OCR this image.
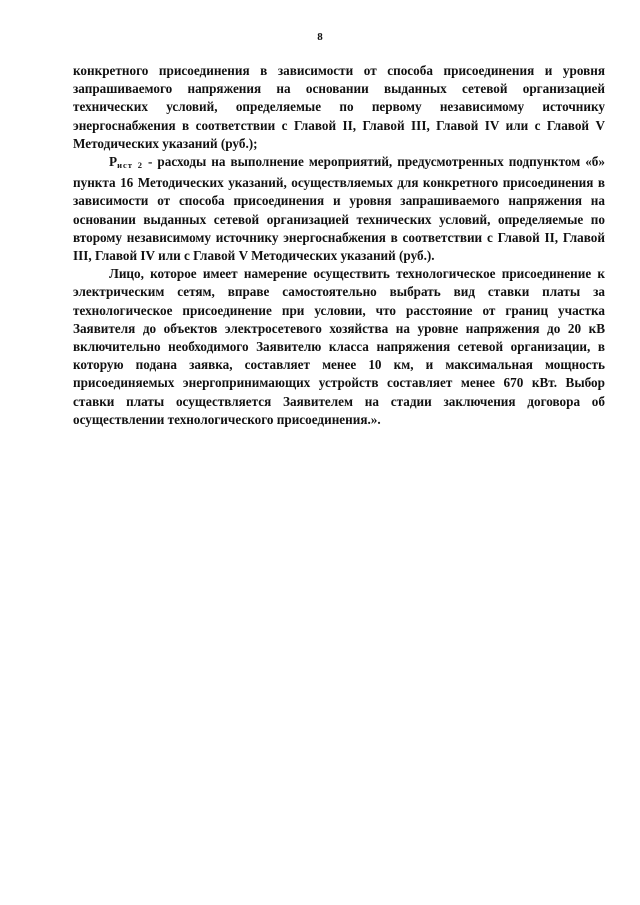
8

конкретного присоединения в зависимости от способа присоединения и уровня запрашиваемого напряжения на основании выданных сетевой организацией технических условий, определяемые по первому независимому источнику энергоснабжения в соответствии с Главой II, Главой III, Главой IV или с Главой V Методических указаний (руб.);

$P_{ист 2}$ - расходы на выполнение мероприятий, предусмотренных подпунктом «б» пункта 16 Методических указаний, осуществляемых для конкретного присоединения в зависимости от способа присоединения и уровня запрашиваемого напряжения на основании выданных сетевой организацией технических условий, определяемые по второму независимому источнику энергоснабжения в соответствии с Главой II, Главой III, Главой IV или с Главой V Методических указаний (руб.).

Лицо, которое имеет намерение осуществить технологическое присоединение к электрическим сетям, вправе самостоятельно выбрать вид ставки платы за технологическое присоединение при условии, что расстояние от границ участка Заявителя до объектов электросетевого хозяйства на уровне напряжения до 20 кВ включительно необходимого Заявителю класса напряжения сетевой организации, в которую подана заявка, составляет менее 10 км, и максимальная мощность присоединяемых энергопринимающих устройств составляет менее 670 кВт. Выбор ставки платы осуществляется Заявителем на стадии заключения договора об осуществлении технологического присоединения.».
